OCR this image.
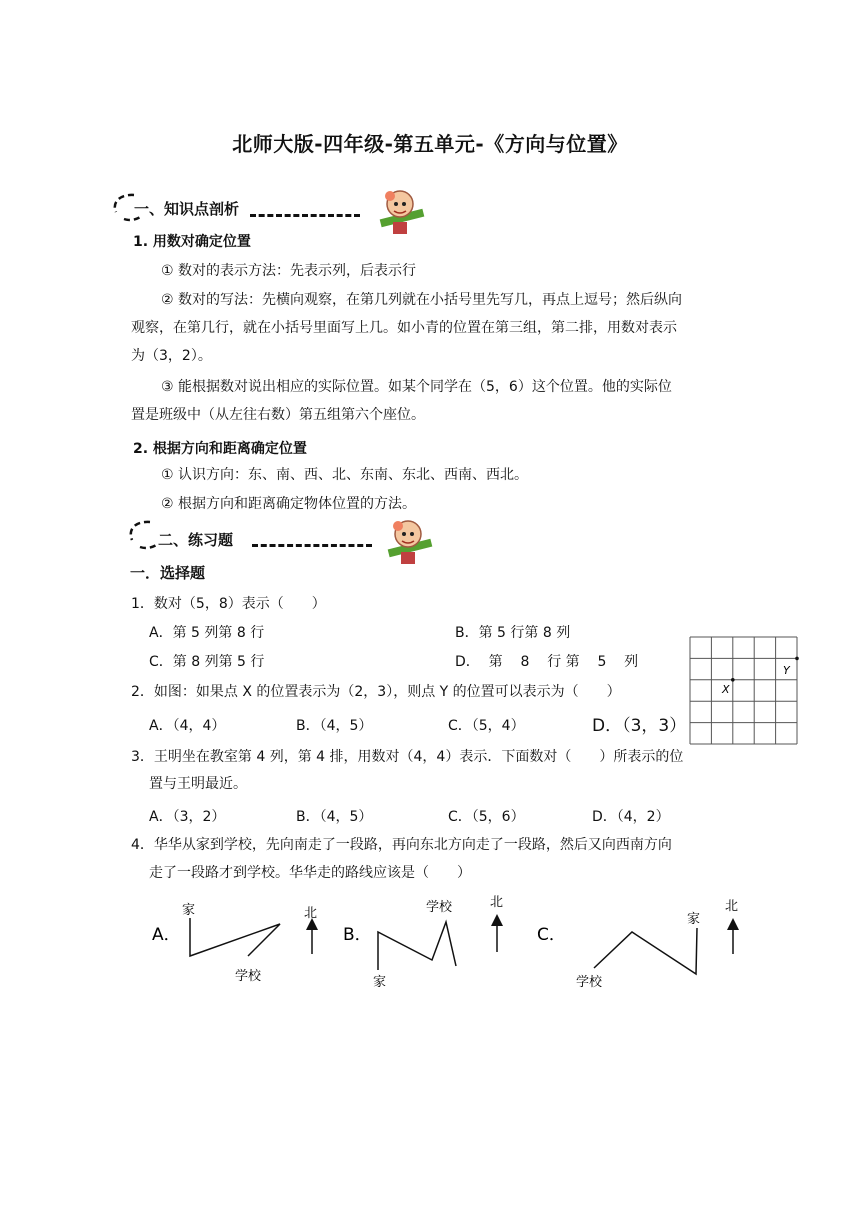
北师大版-四年级-第五单元-《方向与位置》
一、知识点剖析
1. 用数对确定位置
① 数对的表示方法：先表示列，后表示行
② 数对的写法：先横向观察，在第几列就在小括号里先写几，再点上逗号；然后纵向
观察，在第几行，就在小括号里面写上几。如小青的位置在第三组，第二排，用数对表示
为（3，2）。
③ 能根据数对说出相应的实际位置。如某个同学在（5，6）这个位置。他的实际位
置是班级中（从左往右数）第五组第六个座位。
2. 根据方向和距离确定位置
① 认识方向：东、南、西、北、东南、东北、西南、西北。
② 根据方向和距离确定物体位置的方法。
二、练习题
一．选择题
1．数对（5，8）表示（　　）
A．第 5 列第 8 行	B．第 5 行第 8 列
C．第 8 列第 5 行	D．  第    8    行 第    5    列
X
Y
2．如图：如果点 X 的位置表示为（2，3），则点 Y 的位置可以表示为（　　）
A．（4，4）	B．（4，5）	C．（5，4）	D．（3，3）
3．王明坐在教室第 4 列，第 4 排，用数对（4，4）表示．下面数对（　　）所表示的位
置与王明最近。
A．（3，2）	B．（4，5）	C．（5，6）	D．（4，2）
4．华华从家到学校，先向南走了一段路，再向东北方向走了一段路，然后又向西南方向
走了一段路才到学校。华华走的路线应该是（　　）
A．
家
学校
北
B．
学校
家
北
C．
学校
家
北
